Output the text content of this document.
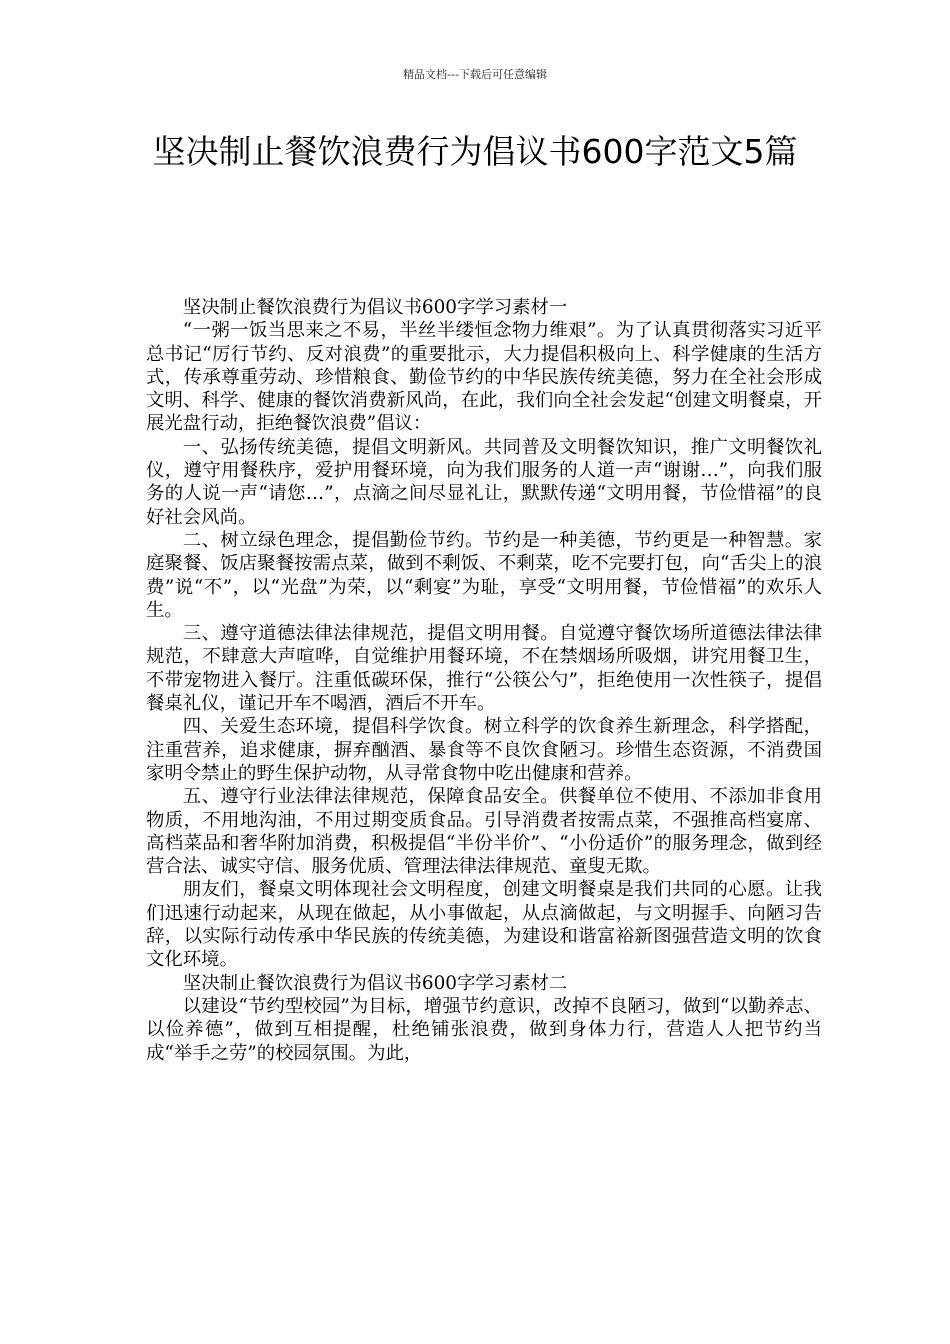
精品文档---下载后可任意编辑
坚决制止餐饮浪费行为倡议书600字范文5篇

坚决制止餐饮浪费行为倡议书600字学习素材一

“一粥一饭当思来之不易，半丝半缕恒念物力维艰”。为了认真贯彻落实习近平总书记“厉行节约、反对浪费”的重要批示，大力提倡积极向上、科学健康的生活方式，传承尊重劳动、珍惜粮食、勤俭节约的中华民族传统美德，努力在全社会形成文明、科学、健康的餐饮消费新风尚，在此，我们向全社会发起“创建文明餐桌，开展光盘行动，拒绝餐饮浪费”倡议：

一、弘扬传统美德，提倡文明新风。共同普及文明餐饮知识，推广文明餐饮礼仪，遵守用餐秩序，爱护用餐环境，向为我们服务的人道一声“谢谢…”，向我们服务的人说一声“请您…”，点滴之间尽显礼让，默默传递“文明用餐，节俭惜福”的良好社会风尚。

二、树立绿色理念，提倡勤俭节约。节约是一种美德，节约更是一种智慧。家庭聚餐、饭店聚餐按需点菜，做到不剩饭、不剩菜，吃不完要打包，向“舌尖上的浪费”说“不”，以“光盘”为荣，以“剩宴”为耻，享受“文明用餐，节俭惜福”的欢乐人生。

三、遵守道德法律法律规范，提倡文明用餐。自觉遵守餐饮场所道德法律法律规范，不肆意大声喧哗，自觉维护用餐环境，不在禁烟场所吸烟，讲究用餐卫生，不带宠物进入餐厅。注重低碳环保，推行“公筷公勺”，拒绝使用一次性筷子，提倡餐桌礼仪，谨记开车不喝酒，酒后不开车。

四、关爱生态环境，提倡科学饮食。树立科学的饮食养生新理念，科学搭配，注重营养，追求健康，摒弃酗酒、暴食等不良饮食陋习。珍惜生态资源，不消费国家明令禁止的野生保护动物，从寻常食物中吃出健康和营养。

五、遵守行业法律法律规范，保障食品安全。供餐单位不使用、不添加非食用物质，不用地沟油，不用过期变质食品。引导消费者按需点菜，不强推高档宴席、高档菜品和奢华附加消费，积极提倡“半份半价”、“小份适价”的服务理念，做到经营合法、诚实守信、服务优质、管理法律法律规范、童叟无欺。

朋友们，餐桌文明体现社会文明程度，创建文明餐桌是我们共同的心愿。让我们迅速行动起来，从现在做起，从小事做起，从点滴做起，与文明握手、向陋习告辞，以实际行动传承中华民族的传统美德，为建设和谐富裕新图强营造文明的饮食文化环境。

坚决制止餐饮浪费行为倡议书600字学习素材二

以建设“节约型校园”为目标，增强节约意识，改掉不良陋习，做到“以勤养志、以俭养德”，做到互相提醒，杜绝铺张浪费，做到身体力行，营造人人把节约当成“举手之劳”的校园氛围。为此，
